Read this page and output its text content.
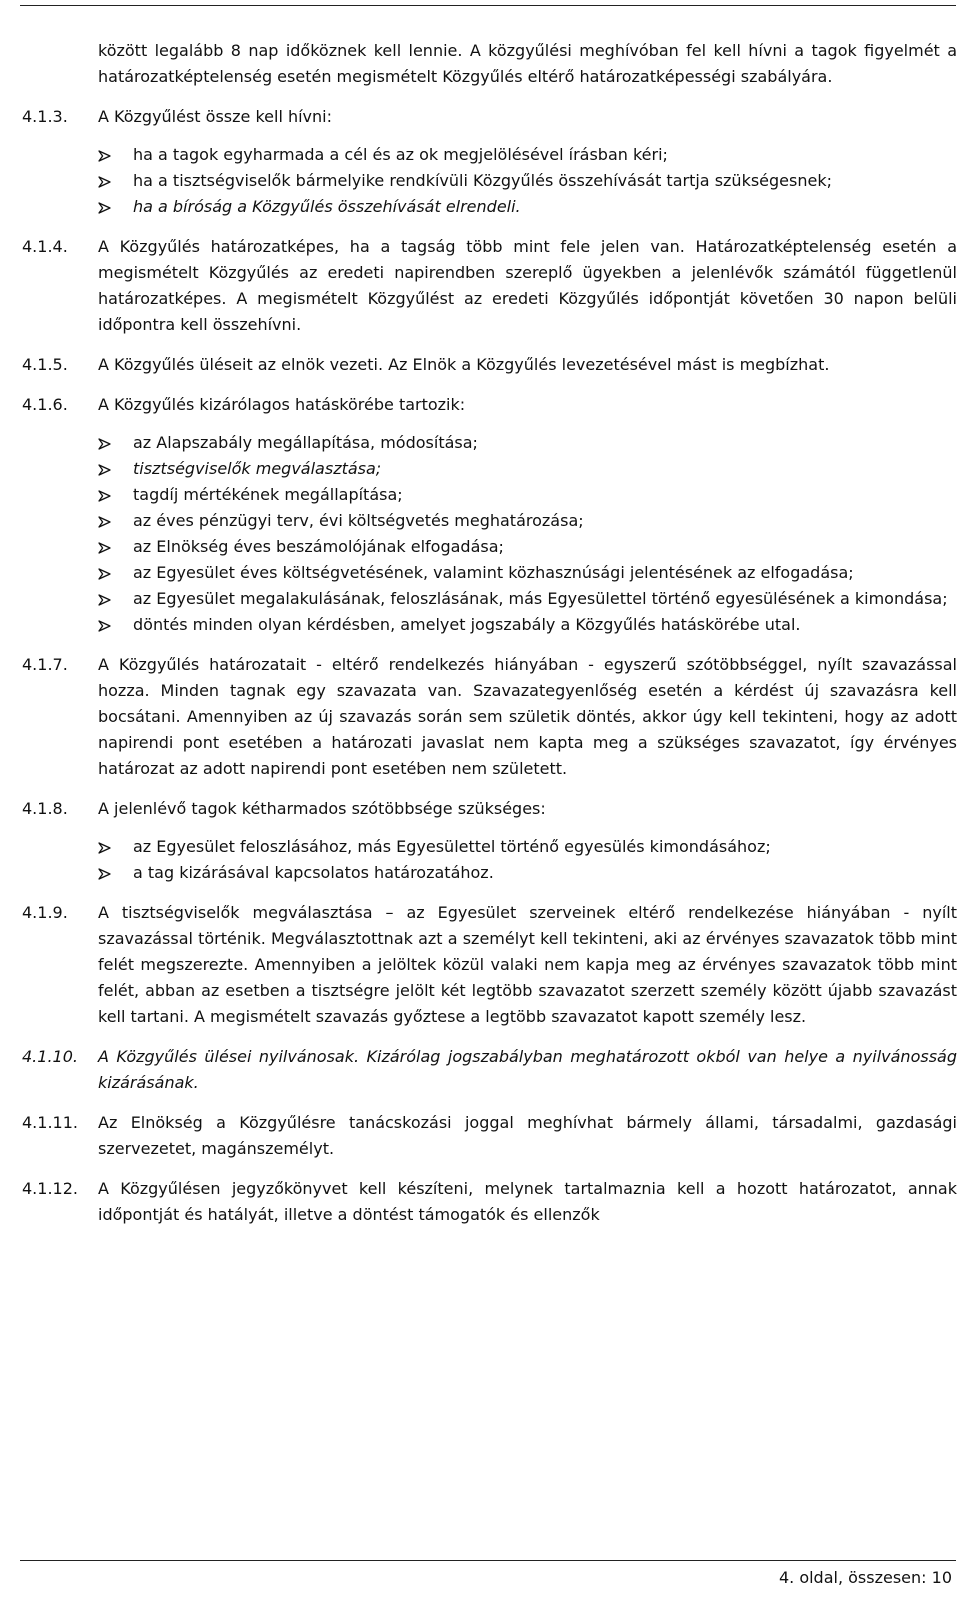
között legalább 8 nap időköznek kell lennie. A közgyűlési meghívóban fel kell hívni a tagok figyelmét a határozatképtelenség esetén megismételt Közgyűlés eltérő határozatképességi szabályára.

4.1.3.	A Közgyűlést össze kell hívni:

ha a tagok egyharmada a cél és az ok megjelölésével írásban kéri;
ha a tisztségviselők bármelyike rendkívüli Közgyűlés összehívását tartja szükségesnek;
ha a bíróság a Közgyűlés összehívását elrendeli.
4.1.4.	A Közgyűlés határozatképes, ha a tagság több mint fele jelen van. Határozatképtelenség esetén a megismételt Közgyűlés az eredeti napirendben szereplő ügyekben a jelenlévők számától függetlenül határozatképes. A megismételt Közgyűlést az eredeti Közgyűlés időpontját követően 30 napon belüli időpontra kell összehívni.

4.1.5.	A Közgyűlés üléseit az elnök vezeti. Az Elnök a Közgyűlés levezetésével mást is megbízhat.

4.1.6.	A Közgyűlés kizárólagos hatáskörébe tartozik:

az Alapszabály megállapítása, módosítása;
tisztségviselők megválasztása;
tagdíj mértékének megállapítása;
az éves pénzügyi terv, évi költségvetés meghatározása;
az Elnökség éves beszámolójának elfogadása;
az Egyesület éves költségvetésének, valamint közhasznúsági jelentésének az elfogadása;
az Egyesület megalakulásának, feloszlásának, más Egyesülettel történő egyesülésének a kimondása;
döntés minden olyan kérdésben, amelyet jogszabály a Közgyűlés hatáskörébe utal.
4.1.7.	A Közgyűlés határozatait - eltérő rendelkezés hiányában - egyszerű szótöbbséggel, nyílt szavazással hozza. Minden tagnak egy szavazata van. Szavazategyenlőség esetén a kérdést új szavazásra kell bocsátani. Amennyiben az új szavazás során sem születik döntés, akkor úgy kell tekinteni, hogy az adott napirendi pont esetében a határozati javaslat nem kapta meg a szükséges szavazatot, így érvényes határozat az adott napirendi pont esetében nem született.

4.1.8.	A jelenlévő tagok kétharmados szótöbbsége szükséges:

az Egyesület feloszlásához, más Egyesülettel történő egyesülés kimondásához;
a tag kizárásával kapcsolatos határozatához.
4.1.9.	A tisztségviselők megválasztása – az Egyesület szerveinek eltérő rendelkezése hiányában - nyílt szavazással történik. Megválasztottnak azt a személyt kell tekinteni, aki az érvényes szavazatok több mint felét megszerezte. Amennyiben a jelöltek közül valaki nem kapja meg az érvényes szavazatok több mint felét, abban az esetben a tisztségre jelölt két legtöbb szavazatot szerzett személy között újabb szavazást kell tartani. A megismételt szavazás győztese a legtöbb szavazatot kapott személy lesz.

4.1.10.	A Közgyűlés ülései nyilvánosak. Kizárólag jogszabályban meghatározott okból van helye a nyilvánosság kizárásának.

4.1.11.	Az Elnökség a Közgyűlésre tanácskozási joggal meghívhat bármely állami, társadalmi, gazdasági szervezetet, magánszemélyt.

4.1.12.	A Közgyűlésen jegyzőkönyvet kell készíteni, melynek tartalmaznia kell a hozott határozatot, annak időpontját és hatályát, illetve a döntést támogatók és ellenzők

4. oldal, összesen: 10
